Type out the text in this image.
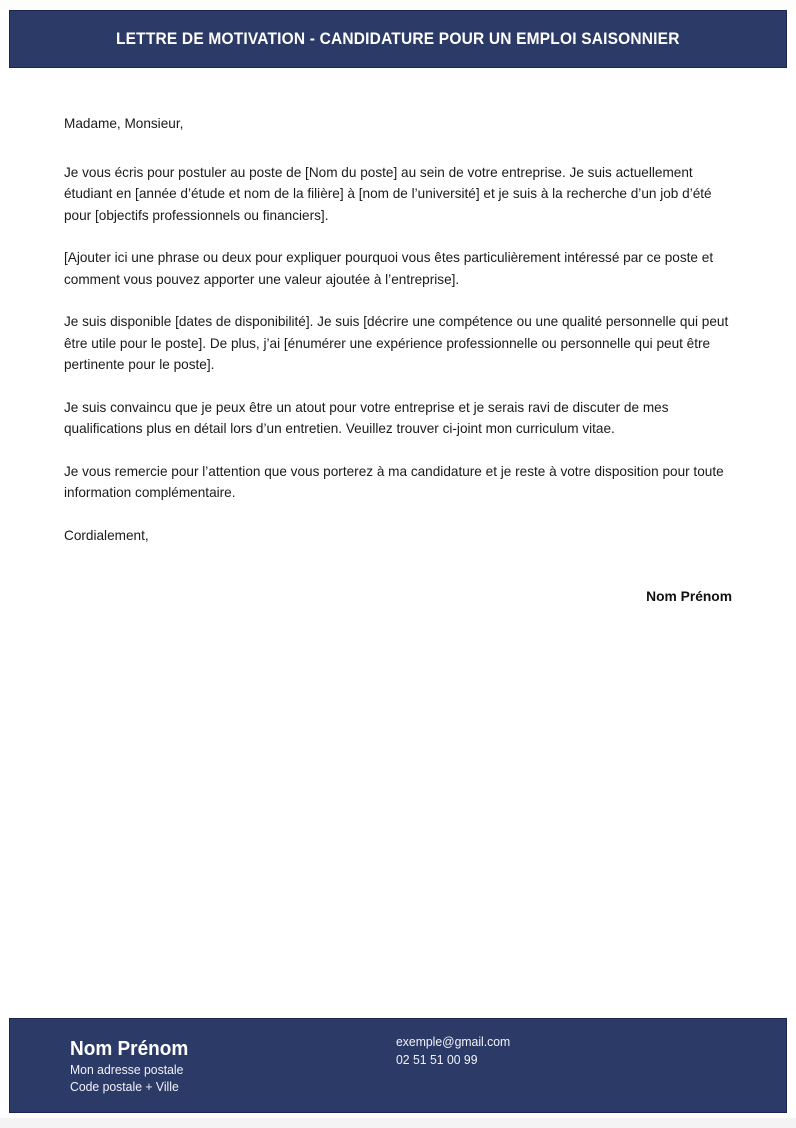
LETTRE DE MOTIVATION - CANDIDATURE POUR UN EMPLOI SAISONNIER

Madame, Monsieur,

Je vous écris pour postuler au poste de [Nom du poste] au sein de votre entreprise. Je suis actuellement étudiant en [année d’étude et nom de la filière] à [nom de l’université] et je suis à la recherche d’un job d’été pour [objectifs professionnels ou financiers].

[Ajouter ici une phrase ou deux pour expliquer pourquoi vous êtes particulièrement intéressé par ce poste et comment vous pouvez apporter une valeur ajoutée à l’entreprise].

Je suis disponible [dates de disponibilité]. Je suis [décrire une compétence ou une qualité personnelle qui peut être utile pour le poste]. De plus, j’ai [énumérer une expérience professionnelle ou personnelle qui peut être pertinente pour le poste].

Je suis convaincu que je peux être un atout pour votre entreprise et je serais ravi de discuter de mes qualifications plus en détail lors d’un entretien. Veuillez trouver ci-joint mon curriculum vitae.

Je vous remercie pour l’attention que vous porterez à ma candidature et je reste à votre disposition pour toute information complémentaire.

Cordialement,

Nom Prénom
Nom Prénom
Mon adresse postale
Code postale + Ville
exemple@gmail.com
02 51 51 00 99
